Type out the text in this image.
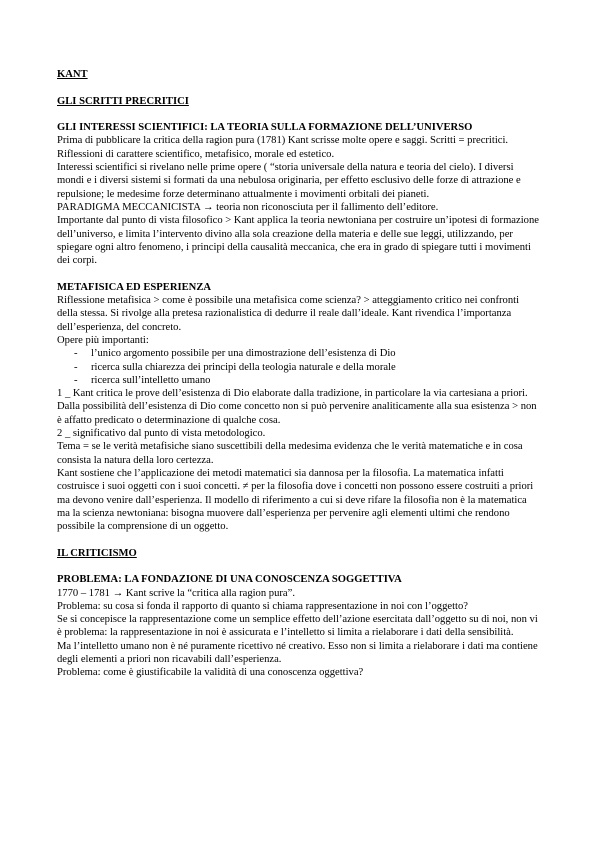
KANT

GLI SCRITTI PRECRITICI

GLI INTERESSI SCIENTIFICI: LA TEORIA SULLA FORMAZIONE DELL’UNIVERSO

Prima di pubblicare la critica della ragion pura (1781) Kant scrisse molte opere e saggi. Scritti = precritici. Riflessioni di carattere scientifico, metafisico, morale ed estetico.

Interessi scientifici si rivelano nelle prime opere ( “storia universale della natura e teoria del cielo). I diversi mondi e i diversi sistemi si formati da una nebulosa originaria, per effetto esclusivo delle forze di attrazione e repulsione; le medesime forze determinano attualmente i movimenti orbitali dei pianeti.

PARADIGMA MECCANICISTA → teoria non riconosciuta per il fallimento dell’editore.

Importante dal punto di vista filosofico > Kant applica la teoria newtoniana per costruire un’ipotesi di formazione dell’universo, e limita l’intervento divino alla sola creazione della materia e delle sue leggi, utilizzando, per spiegare ogni altro fenomeno, i principi della causalità meccanica, che era in grado di spiegare tutti i movimenti dei corpi.

METAFISICA ED ESPERIENZA

Riflessione metafisica > come è possibile una metafisica come scienza? > atteggiamento critico nei confronti della stessa. Si rivolge alla pretesa razionalistica di dedurre il reale dall’ideale. Kant rivendica l’importanza dell’esperienza, del concreto.

Opere più importanti:

- l’unico argomento possibile per una dimostrazione dell’esistenza di Dio
- ricerca sulla chiarezza dei principi della teologia naturale e della morale
- ricerca sull’intelletto umano

1 _ Kant critica le prove dell’esistenza di Dio elaborate dalla tradizione, in particolare la via cartesiana a priori. Dalla possibilità dell’esistenza di Dio come concetto non si può pervenire analiticamente alla sua esistenza > non è affatto predicato o determinazione di qualche cosa.

2 _ significativo dal punto di vista metodologico.

Tema = se le verità metafisiche siano suscettibili della medesima evidenza che le verità matematiche e in cosa consista la natura della loro certezza.

Kant sostiene che l’applicazione dei metodi matematici sia dannosa per la filosofia. La matematica infatti costruisce i suoi oggetti con i suoi concetti. ≠ per la filosofia dove i concetti non possono essere costruiti a priori ma devono venire dall’esperienza. Il modello di riferimento a cui si deve rifare la filosofia non è la matematica ma la scienza newtoniana: bisogna muovere dall’esperienza per pervenire agli elementi ultimi che rendono possibile la comprensione di un oggetto.

IL CRITICISMO

PROBLEMA: LA FONDAZIONE DI UNA CONOSCENZA SOGGETTIVA

1770 – 1781 → Kant scrive la “critica alla ragion pura”.

Problema: su cosa si fonda il rapporto di quanto si chiama rappresentazione in noi con l’oggetto?

Se si concepisce la rappresentazione come un semplice effetto dell’azione esercitata dall’oggetto su di noi, non vi è problema: la rappresentazione in noi è assicurata e l’intelletto si limita a rielaborare i dati della sensibilità.

Ma l’intelletto umano non è né puramente ricettivo né creativo. Esso non si limita a rielaborare i dati ma contiene degli elementi a priori non ricavabili dall’esperienza.

Problema: come è giustificabile la validità di una conoscenza oggettiva?
